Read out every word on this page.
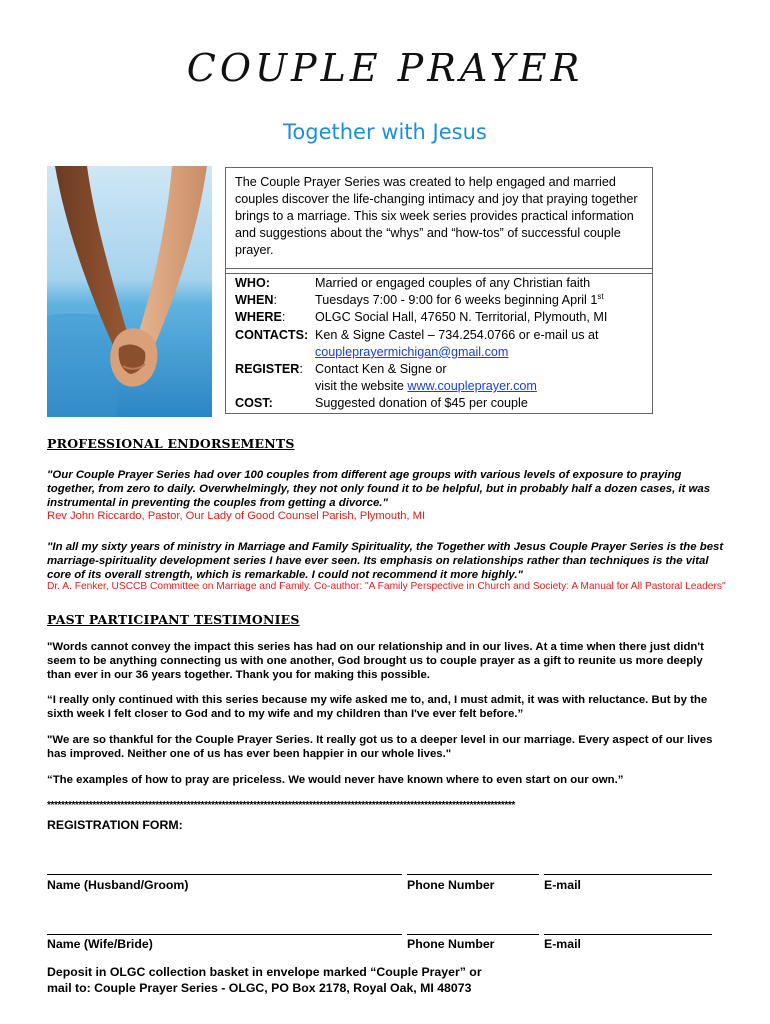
COUPLE PRAYER
Together with Jesus
The Couple Prayer Series was created to help engaged and married couples discover the life-changing intimacy and joy that praying together brings to a marriage. This six week series provides practical information and suggestions about the “whys” and “how-tos” of successful couple prayer.
WHO:	Married or engaged couples of any Christian faith
WHEN:	Tuesdays 7:00 - 9:00 for 6 weeks beginning April 1st
WHERE: OLGC Social Hall, 47650 N. Territorial, Plymouth, MI
CONTACTS: Ken & Signe Castel – 734.254.0766 or e-mail us at
coupleprayermichigan@gmail.com
REGISTER: Contact Ken & Signe or
visit the website www.coupleprayer.com
COST:	Suggested donation of $45 per couple
PROFESSIONAL ENDORSEMENTS
"Our Couple Prayer Series had over 100 couples from different age groups with various levels of exposure to praying together, from zero to daily. Overwhelmingly, they not only found it to be helpful, but in probably half a dozen cases, it was instrumental in preventing the couples from getting a divorce."
Rev John Riccardo, Pastor, Our Lady of Good Counsel Parish, Plymouth, MI
"In all my sixty years of ministry in Marriage and Family Spirituality, the Together with Jesus Couple Prayer Series is the best marriage-spirituality development series I have ever seen. Its emphasis on relationships rather than techniques is the vital core of its overall strength, which is remarkable. I could not recommend it more highly."
Dr. A. Fenker, USCCB Committee on Marriage and Family. Co-author: "A Family Perspective in Church and Society: A Manual for All Pastoral Leaders"
PAST PARTICIPANT TESTIMONIES
"Words cannot convey the impact this series has had on our relationship and in our lives. At a time when there just didn't seem to be anything connecting us with one another, God brought us to couple prayer as a gift to reunite us more deeply than ever in our 36 years together. Thank you for making this possible.
“I really only continued with this series because my wife asked me to, and, I must admit, it was with reluctance. But by the sixth week I felt closer to God and to my wife and my children than I've ever felt before.”
"We are so thankful for the Couple Prayer Series. It really got us to a deeper level in our marriage. Every aspect of our lives has improved. Neither one of us has ever been happier in our whole lives."
“The examples of how to pray are priceless. We would never have known where to even start on our own.”
**************************************************************************************************************************************
REGISTRATION FORM:
Name (Husband/Groom)	Phone Number	E-mail
Name (Wife/Bride)	Phone Number	E-mail
Deposit in OLGC collection basket in envelope marked “Couple Prayer” or
mail to: Couple Prayer Series - OLGC, PO Box 2178, Royal Oak, MI 48073
